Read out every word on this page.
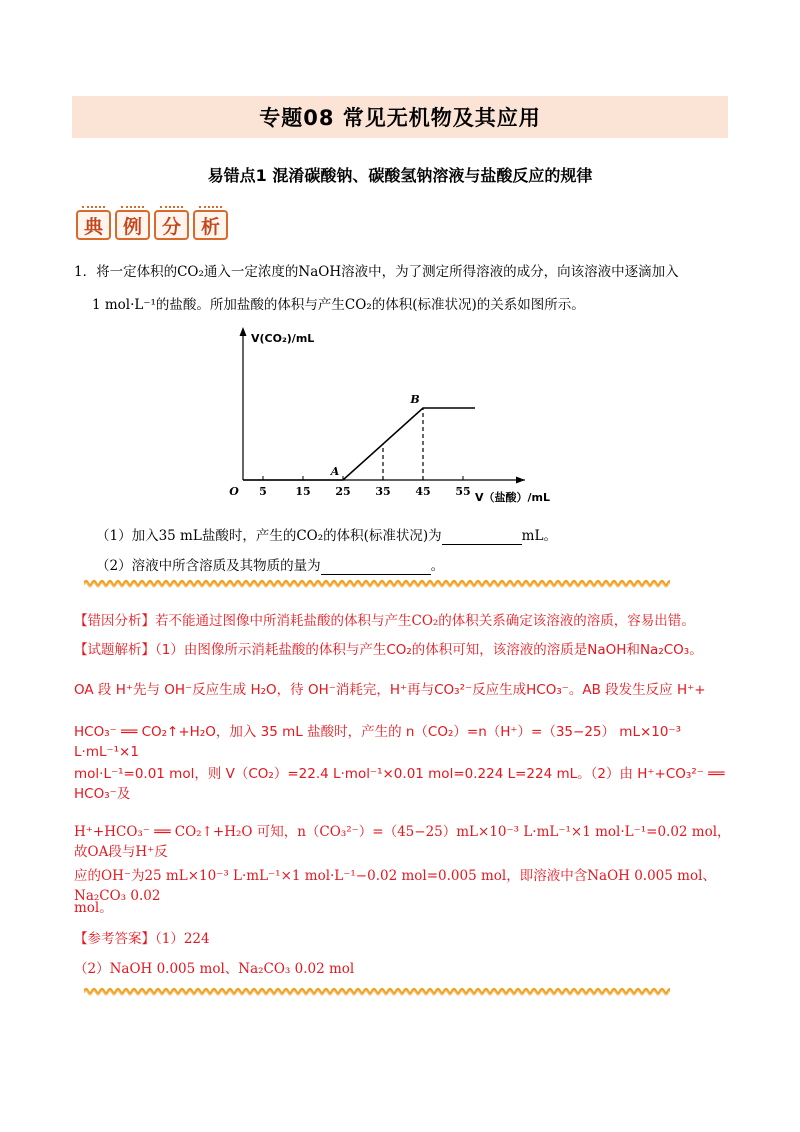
专题08 常见无机物及其应用
易错点1 混淆碳酸钠、碳酸氢钠溶液与盐酸反应的规律
典	例	分	析
1．将一定体积的CO₂通入一定浓度的NaOH溶液中，为了测定所得溶液的成分，向该溶液中逐滴加入
1 mol·L⁻¹的盐酸。所加盐酸的体积与产生CO₂的体积(标准状况)的关系如图所示。
V(CO₂)/mL
V（盐酸）/mL
O 5	15 25 35 45 55
A
B
（1）加入35 mL盐酸时，产生的CO₂的体积(标准状况)为	mL。
（2）溶液中所含溶质及其物质的量为	。
【错因分析】若不能通过图像中所消耗盐酸的体积与产生CO₂的体积关系确定该溶液的溶质，容易出错。
【试题解析】（1）由图像所示消耗盐酸的体积与产生CO₂的体积可知，该溶液的溶质是NaOH和Na₂CO₃。
OA 段 H⁺先与 OH⁻反应生成 H₂O，待 OH⁻消耗完，H⁺再与CO₃²⁻反应生成HCO₃⁻。AB 段发生反应 H⁺+
HCO₃⁻ ══ CO₂↑+H₂O，加入 35 mL 盐酸时，产生的 n（CO₂）=n（H⁺）=（35−25） mL×10⁻³ L·mL⁻¹×1
mol·L⁻¹=0.01 mol，则 V（CO₂）=22.4 L·mol⁻¹×0.01 mol=0.224 L=224 mL。（2）由 H⁺+CO₃²⁻ ══ HCO₃⁻及
H⁺+HCO₃⁻ ══ CO₂↑+H₂O 可知，n（CO₃²⁻）=（45−25）mL×10⁻³ L·mL⁻¹×1 mol·L⁻¹=0.02 mol，故OA段与H⁺反
应的OH⁻为25 mL×10⁻³ L·mL⁻¹×1 mol·L⁻¹−0.02 mol=0.005 mol，即溶液中含NaOH 0.005 mol、Na₂CO₃ 0.02
mol。
【参考答案】（1）224
（2）NaOH 0.005 mol、Na₂CO₃ 0.02 mol
